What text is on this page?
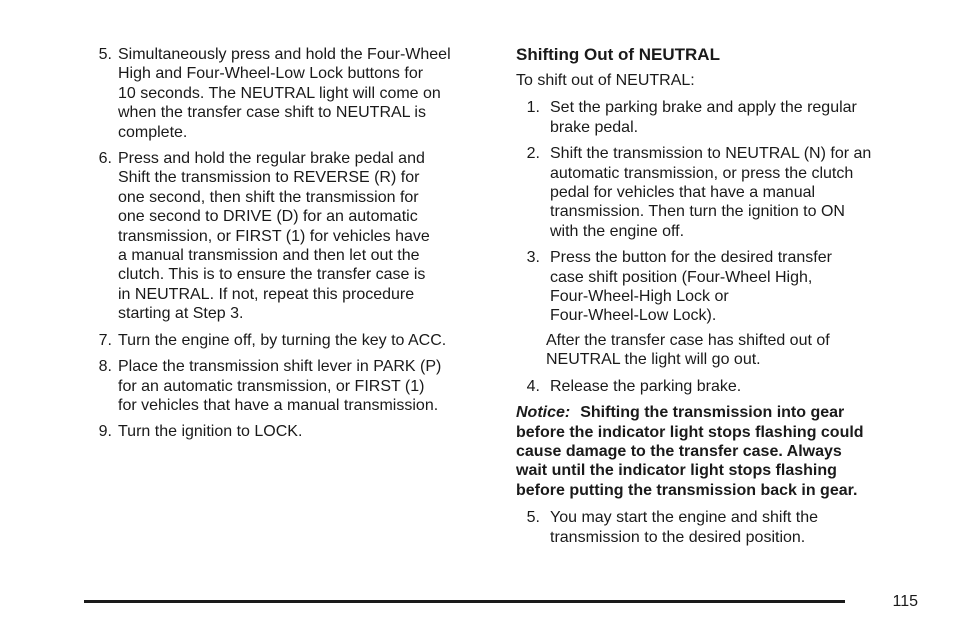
5. Simultaneously press and hold the Four-Wheel
High and Four-Wheel-Low Lock buttons for
10 seconds. The NEUTRAL light will come on
when the transfer case shift to NEUTRAL is
complete.
6. Press and hold the regular brake pedal and
Shift the transmission to REVERSE (R) for
one second, then shift the transmission for
one second to DRIVE (D) for an automatic
transmission, or FIRST (1) for vehicles have
a manual transmission and then let out the
clutch. This is to ensure the transfer case is
in NEUTRAL. If not, repeat this procedure
starting at Step 3.
7. Turn the engine off, by turning the key to ACC.
8. Place the transmission shift lever in PARK (P)
for an automatic transmission, or FIRST (1)
for vehicles that have a manual transmission.
9. Turn the ignition to LOCK.
Shifting Out of NEUTRAL
To shift out of NEUTRAL:
1. Set the parking brake and apply the regular
brake pedal.
2. Shift the transmission to NEUTRAL (N) for an
automatic transmission, or press the clutch
pedal for vehicles that have a manual
transmission. Then turn the ignition to ON
with the engine off.
3. Press the button for the desired transfer
case shift position (Four-Wheel High,
Four-Wheel-High Lock or
Four-Wheel-Low Lock).
After the transfer case has shifted out of
NEUTRAL the light will go out.
4. Release the parking brake.
Notice: Shifting the transmission into gear
before the indicator light stops flashing could
cause damage to the transfer case. Always
wait until the indicator light stops flashing
before putting the transmission back in gear.
5. You may start the engine and shift the
transmission to the desired position.
115
